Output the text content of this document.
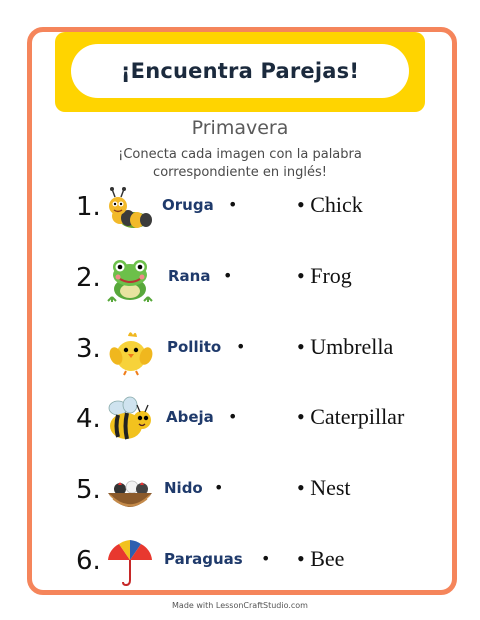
¡Encuentra Parejas!
Primavera
¡Conecta cada imagen con la palabra
correspondiente en inglés!
1.	Oruga •	• Chick
2.	Rana •	• Frog
3.	Pollito • • Umbrella
4.	Abeja •	• Caterpillar
5.	Nido •	• Nest
6.	Paraguas • • Bee
Made with LessonCraftStudio.com
